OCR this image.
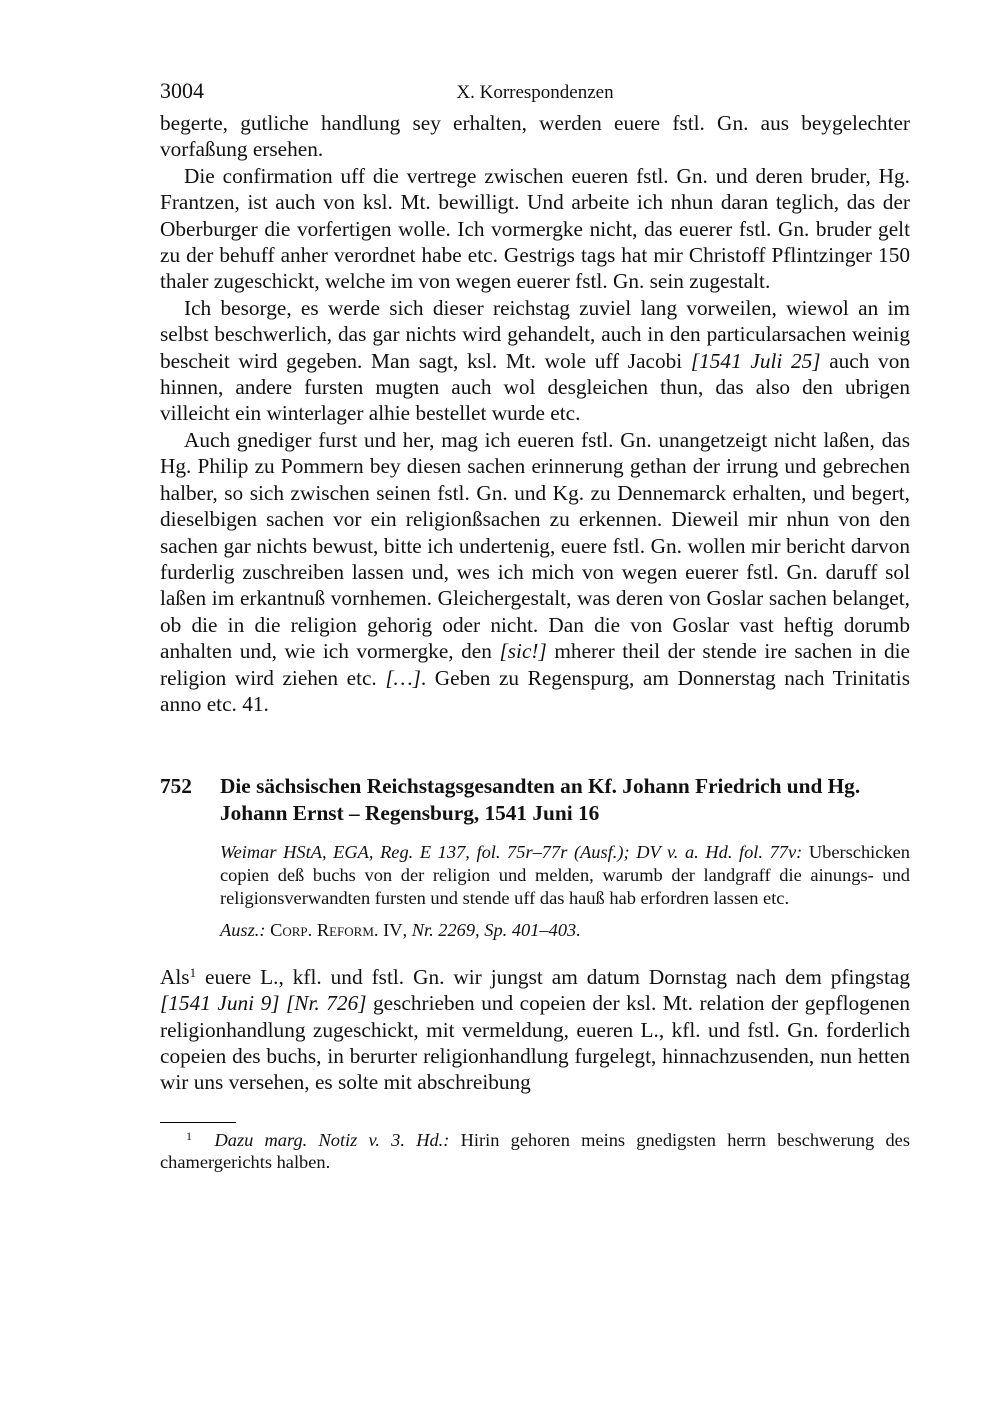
3004	X. Korrespondenzen

begerte, gutliche handlung sey erhalten, werden euere fstl. Gn. aus beygelechter vorfaßung ersehen.

Die confirmation uff die vertrege zwischen eueren fstl. Gn. und deren bruder, Hg. Frantzen, ist auch von ksl. Mt. bewilligt. Und arbeite ich nhun daran teglich, das der Oberburger die vorfertigen wolle. Ich vormergke nicht, das euerer fstl. Gn. bruder gelt zu der behuff anher verordnet habe etc. Gestrigs tags hat mir Christoff Pflintzinger 150 thaler zugeschickt, welche im von wegen euerer fstl. Gn. sein zugestalt.

Ich besorge, es werde sich dieser reichstag zuviel lang vorweilen, wiewol an im selbst beschwerlich, das gar nichts wird gehandelt, auch in den particularsachen weinig bescheit wird gegeben. Man sagt, ksl. Mt. wole uff Jacobi [1541 Juli 25] auch von hinnen, andere fursten mugten auch wol desgleichen thun, das also den ubrigen villeicht ein winterlager alhie bestellet wurde etc.

Auch gnediger furst und her, mag ich eueren fstl. Gn. unangetzeigt nicht laßen, das Hg. Philip zu Pommern bey diesen sachen erinnerung gethan der irrung und gebrechen halber, so sich zwischen seinen fstl. Gn. und Kg. zu Dennemarck erhalten, und begert, dieselbigen sachen vor ein religionßsachen zu erkennen. Dieweil mir nhun von den sachen gar nichts bewust, bitte ich undertenig, euere fstl. Gn. wollen mir bericht darvon furderlig zuschreiben lassen und, wes ich mich von wegen euerer fstl. Gn. daruff sol laßen im erkantnuß vornhemen. Gleichergestalt, was deren von Goslar sachen belanget, ob die in die religion gehorig oder nicht. Dan die von Goslar vast heftig dorumb anhalten und, wie ich vormergke, den [sic!] mherer theil der stende ire sachen in die religion wird ziehen etc. […]. Geben zu Regenspurg, am Donnerstag nach Trinitatis anno etc. 41.

752 Die sächsischen Reichstagsgesandten an Kf. Johann Friedrich und Hg. Johann Ernst – Regensburg, 1541 Juni 16

Weimar HStA, EGA, Reg. E 137, fol. 75r–77r (Ausf.); DV v. a. Hd. fol. 77v: Uberschicken copien deß buchs von der religion und melden, warumb der landgraff die ainungs- und religionsverwandten fursten und stende uff das hauß hab erfordren lassen etc.

Ausz.: Corp. Reform. IV, Nr. 2269, Sp. 401–403.

Als$^1$ euere L., kfl. und fstl. Gn. wir jungst am datum Dornstag nach dem pfingstag [1541 Juni 9] [Nr. 726] geschrieben und copeien der ksl. Mt. relation der gepflogenen religionhandlung zugeschickt, mit vermeldung, eueren L., kfl. und fstl. Gn. forderlich copeien des buchs, in berurter religionhandlung furgelegt, hinnachzusenden, nun hetten wir uns versehen, es solte mit abschreibung

$^1$ Dazu marg. Notiz v. 3. Hd.: Hirin gehoren meins gnedigsten herrn beschwerung des chamergerichts halben.
